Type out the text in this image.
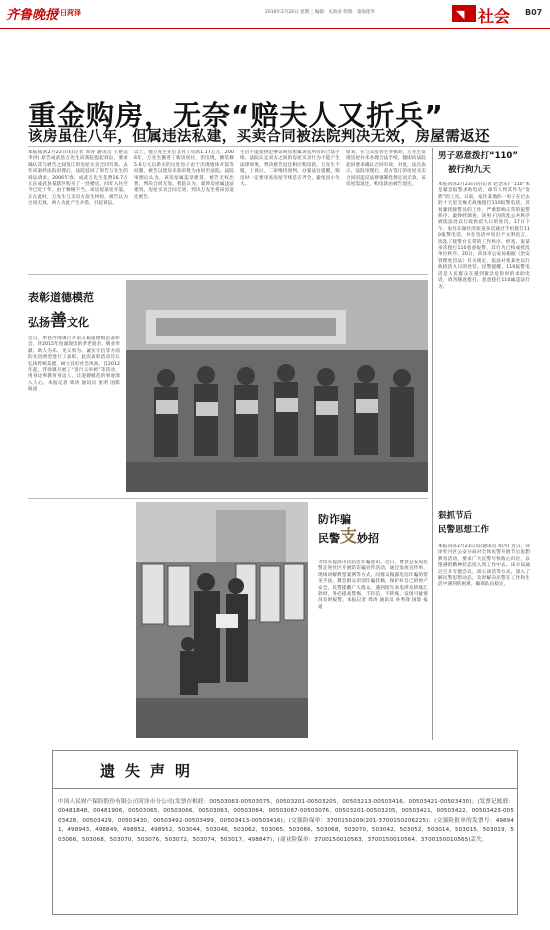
齐鲁晚报
今日菏泽	2016年2月24日 星期三 编辑：史政涛 组版：童海莲华	◥ 社会 B07
重金购房，无奈“赔夫人又折兵”
该房虽住八年，但属违法私建，买卖合同被法院判决无效，房屋需返还
本报成武2月23日讯(记者 周涛 通讯员 王艳美 李洪) 原告成武县万先生向我院提起诉讼，要求确认其与被告之间签订的房屋买卖合同有效。去年该案经法院审理后，法院驳回了原告万先生的诉讼请求。2006年春，成武万先生花费16.7万元在成武县某辖区购买了一处楼房，同年入住至今已近十年。由于修缮不当，该房屋某处开裂，正在此时，万先生与卖房方发生纠纷，被告认为合同无效，两人为此产生矛盾，引起诉讼。
以上，他万先生先后支付了房款1.17万元，2006年，万先生搬进了新房居住，但出现，刚装修5.6万元后新买的这处房子由于出现墙体开裂等问题，被告以建房未获审批为由诉至法院。法院审理后认为，该房屋属违章建筑，被告无权出售，判决合同无效。我院认为，案涉房屋属违法建筑，房屋买卖合同无效，判决万先生将该房返还被告。
生后不能提供足够证明房屋属该房所有的合法手续，法院认定双方之间的房屋买卖行为不能产生法律效果，判决被告返还相应购房款，万先生不服，上诉后，二审维持原判。办案法官提醒，购房时一定要审查房屋手续是否齐全，避免因小失大。
原来，在与卖房者生争执时，万先生发现房屋并未办理合法手续，随即向法院起诉要求确认合同有效。对此，法官表示，法院审理后，双方签订的房屋买卖合同因违反法律强制性规定而无效，该房屋需返还，购房款由被告退还。
男子恶意拨打“110”
被行拘九天
本报菏泽2月23日讯(记者 赵念东) “110”本是紧急报警求助电话，却有人将其作为“发泄”的工具。日前，家住某地的一男子在过去的十天里无缘无故地拨打110报警电话，反复骚扰接警员的工作，严重影响正常的报警秩序。最终经调查，该男子因扰乱公共秩序被依法处以行政拘留九日的处罚。17日下午，家住东湖区的张某多次通过手机拨打110报警电话，并在电话中说出不文明语言，扰乱了接警台正常的工作秩序。经查，张某多次拨打110恶意报警，其行为已构成扰乱单位秩序。20日，菏泽市公安局根据《治安管理处罚法》有关规定，依法对张某处以行政拘留九日的处罚。民警提醒，110报警电话是人民群众在遇到紧急危险时的求助电话，请勿随意拨打，恶意拨打110属违法行为。
狠抓节后
民警思想工作
本报菏泽2月23日讯(通讯员 胡丹) 近日，菏泽牡丹区公安分局对全体民警开展节后思想教育活动，要求广大民警尽快收心归位，以饱满的精神状态投入到工作中去。该分局通过召开专题会议、谈心谈话等方式，深入了解民警思想动态，及时解决民警在工作和生活中遇到的困难，确保队伍稳定。
表彰道德模范
弘扬善文化
近日，单县浮岗镇召开第五届道德模范表彰会，对2015年度涌现出的孝老爱亲、敬业奉献、助人为乐、见义勇为、诚实守信等方面的先进典型进行了表彰。此次表彰活动旨在弘扬传统美德，树立良好社会风尚。自2012年起，浮岗镇开展了“善行义举榜”等活动，用身边事教育身边人，让道德模范的事迹深入人心。本报记者 周涛 通讯员 张明 国影 报道
防诈骗
民警支妙招
为切实提高市民防范诈骗意识，近日，曹县公安局民警走进社区开展防诈骗宣传活动，通过发放宣传单、现场讲解典型案例等方式，向群众揭露电信诈骗的常见手法，教会群众识别诈骗伎俩，保护好自己的财产安全。民警提醒广大群众，遇到陌生来电涉及转账汇款时，务必提高警惕，不轻信、不转账，发现可疑情况及时报警。本报记者 周涛 通讯员 孙秀锋 国影 报道
遗失声明
中国人民财产保险股份有限公司菏泽市分公司(发票存根联：00503063-00503075，00503201-00503205，00503213-00503416，00503421-00503430)；(发票记账联：00481848，00481906，00503065，00503066，00503063，00503064，00503067-00503076，00503201-00503205，00503421，00503422，00503423-00503428，00503429，00503430，00503492-00503499，00503413-00503416)；(交强险保单：3700150209(201-3700150206225)；(交强险批单的发票号：498941，498943，498849，498852，498952，503044，503046，503062，503065，503066，503068，503070，503042，503052，503014，503015，503019，503066，503068，503070，503076，503072，503074，503017，498847)；(商业险保单：3700150010563，3700150010564，3700150010565)丢失。
